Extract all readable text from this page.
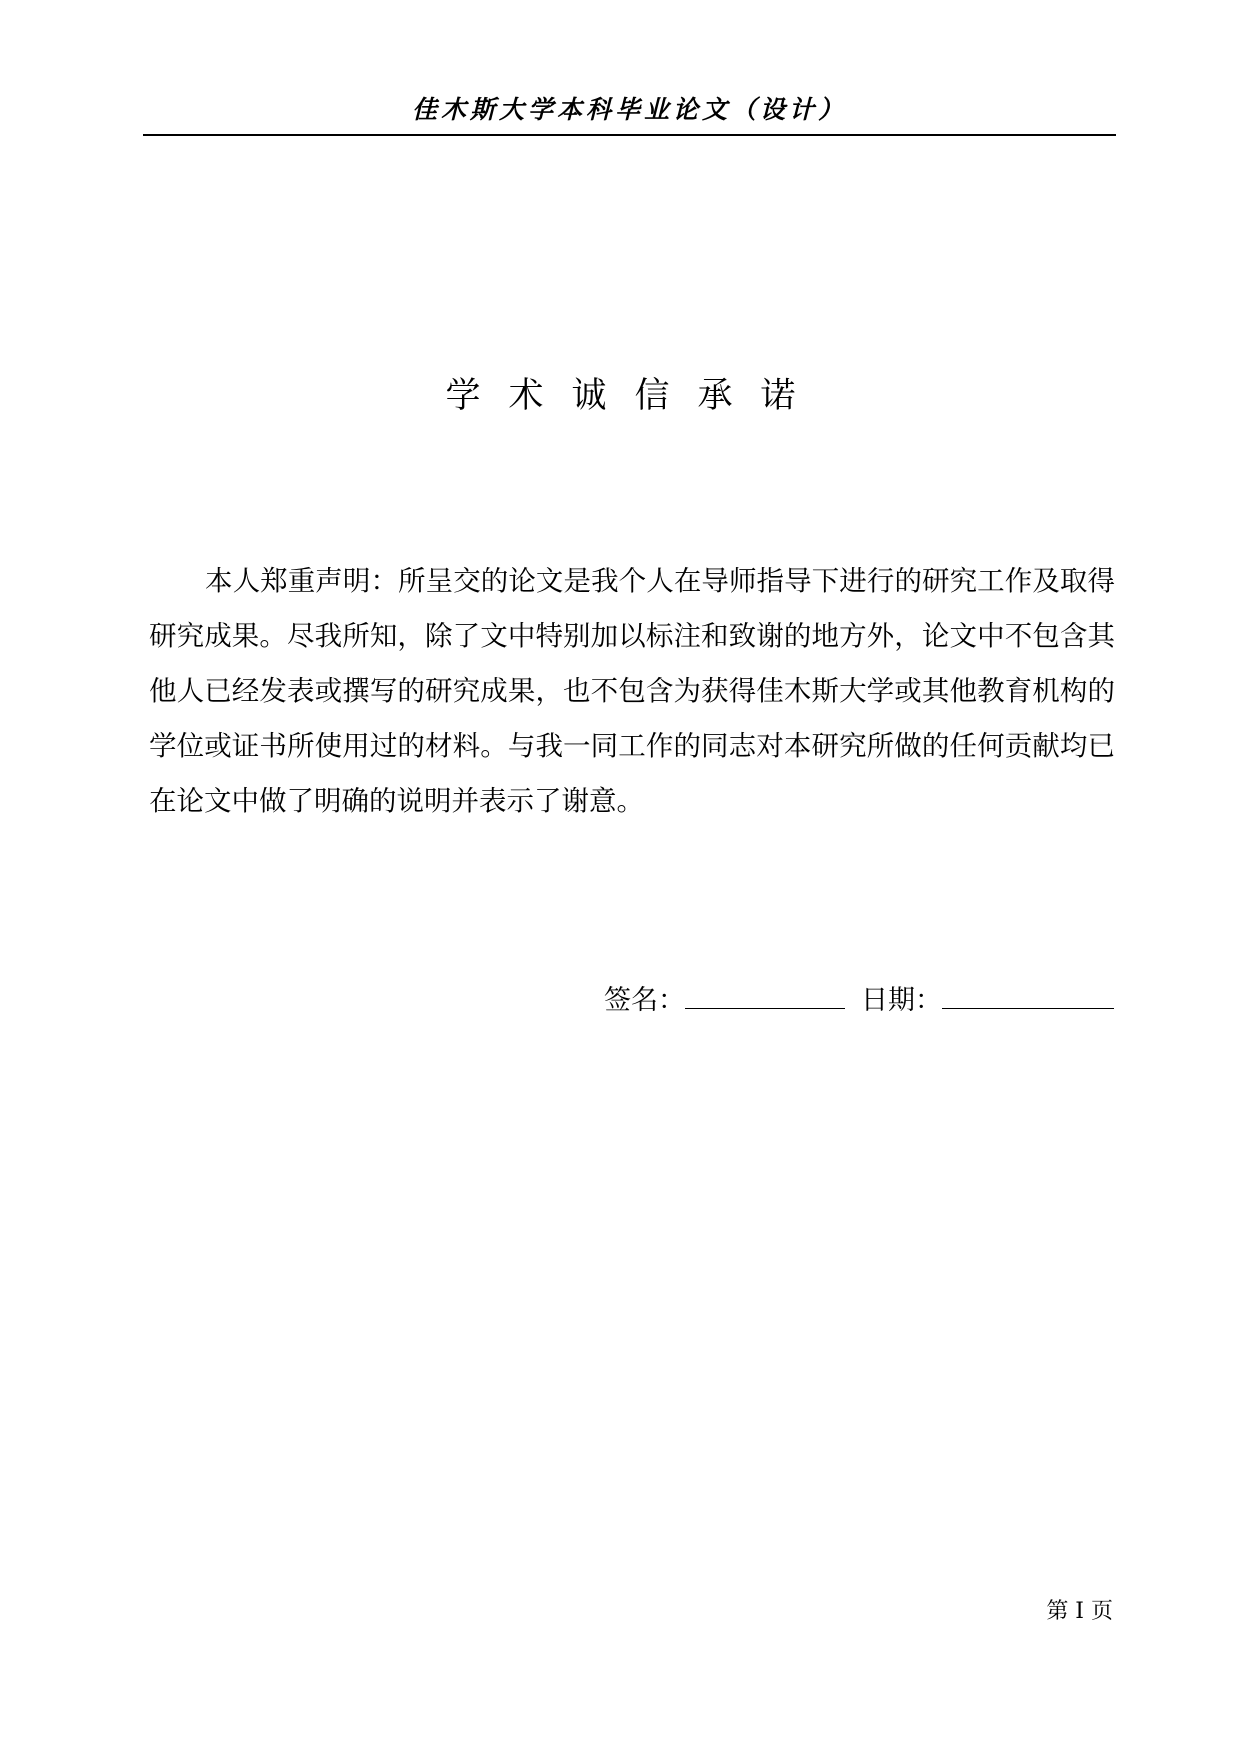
佳木斯大学本科毕业论文（设计）
学术诚信承诺

本人郑重声明：所呈交的论文是我个人在导师指导下进行的研究工作及取得研究成果。尽我所知，除了文中特别加以标注和致谢的地方外，论文中不包含其他人已经发表或撰写的研究成果，也不包含为获得佳木斯大学或其他教育机构的学位或证书所使用过的材料。与我一同工作的同志对本研究所做的任何贡献均已在论文中做了明确的说明并表示了谢意。

签名：	日期：
第 I 页
